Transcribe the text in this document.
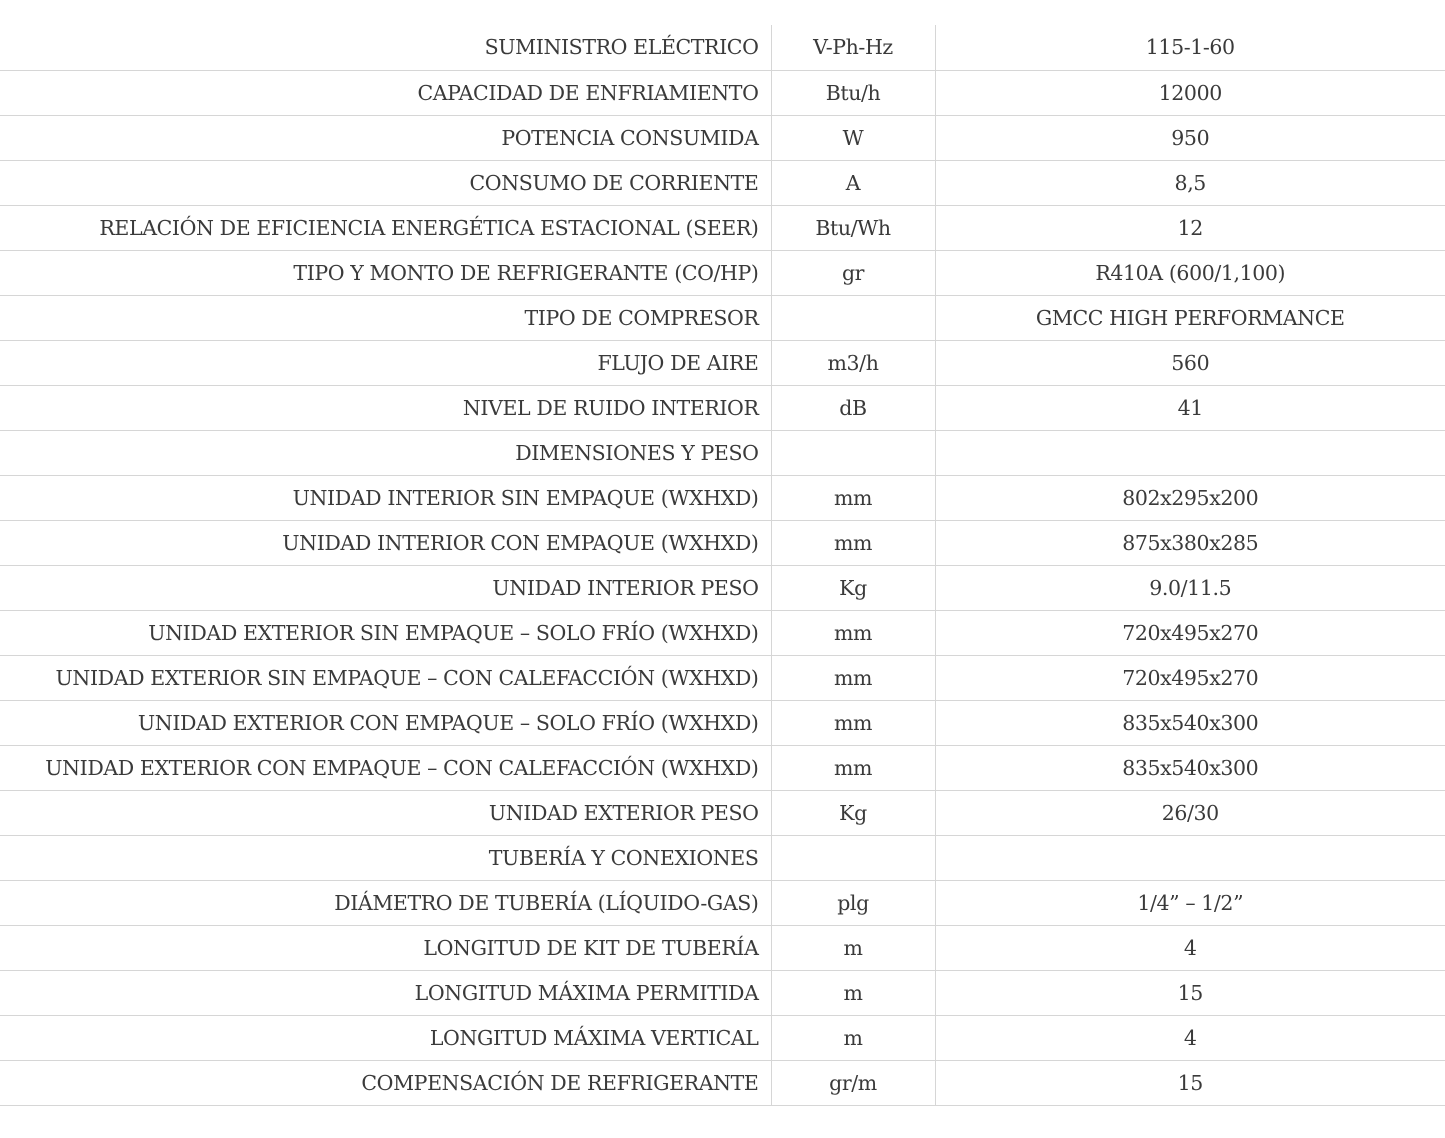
SUMINISTRO ELÉCTRICO	V-Ph-Hz	115-1-60
CAPACIDAD DE ENFRIAMIENTO	Btu/h	12000
POTENCIA CONSUMIDA	W	950
CONSUMO DE CORRIENTE	A	8,5
RELACIÓN DE EFICIENCIA ENERGÉTICA ESTACIONAL (SEER)	Btu/Wh	12
TIPO Y MONTO DE REFRIGERANTE (CO/HP)	gr	R410A (600/1,100)
TIPO DE COMPRESOR		GMCC HIGH PERFORMANCE
FLUJO DE AIRE	m3/h	560
NIVEL DE RUIDO INTERIOR	dB	41
DIMENSIONES Y PESO		
UNIDAD INTERIOR SIN EMPAQUE (WXHXD)	mm	802x295x200
UNIDAD INTERIOR CON EMPAQUE (WXHXD)	mm	875x380x285
UNIDAD INTERIOR PESO	Kg	9.0/11.5
UNIDAD EXTERIOR SIN EMPAQUE – SOLO FRÍO (WXHXD)	mm	720x495x270
UNIDAD EXTERIOR SIN EMPAQUE – CON CALEFACCIÓN (WXHXD)	mm	720x495x270
UNIDAD EXTERIOR CON EMPAQUE – SOLO FRÍO (WXHXD)	mm	835x540x300
UNIDAD EXTERIOR CON EMPAQUE – CON CALEFACCIÓN (WXHXD)	mm	835x540x300
UNIDAD EXTERIOR PESO	Kg	26/30
TUBERÍA Y CONEXIONES		
DIÁMETRO DE TUBERÍA (LÍQUIDO-GAS)	plg	1/4” – 1/2”
LONGITUD DE KIT DE TUBERÍA	m	4
LONGITUD MÁXIMA PERMITIDA	m	15
LONGITUD MÁXIMA VERTICAL	m	4
COMPENSACIÓN DE REFRIGERANTE	gr/m	15
